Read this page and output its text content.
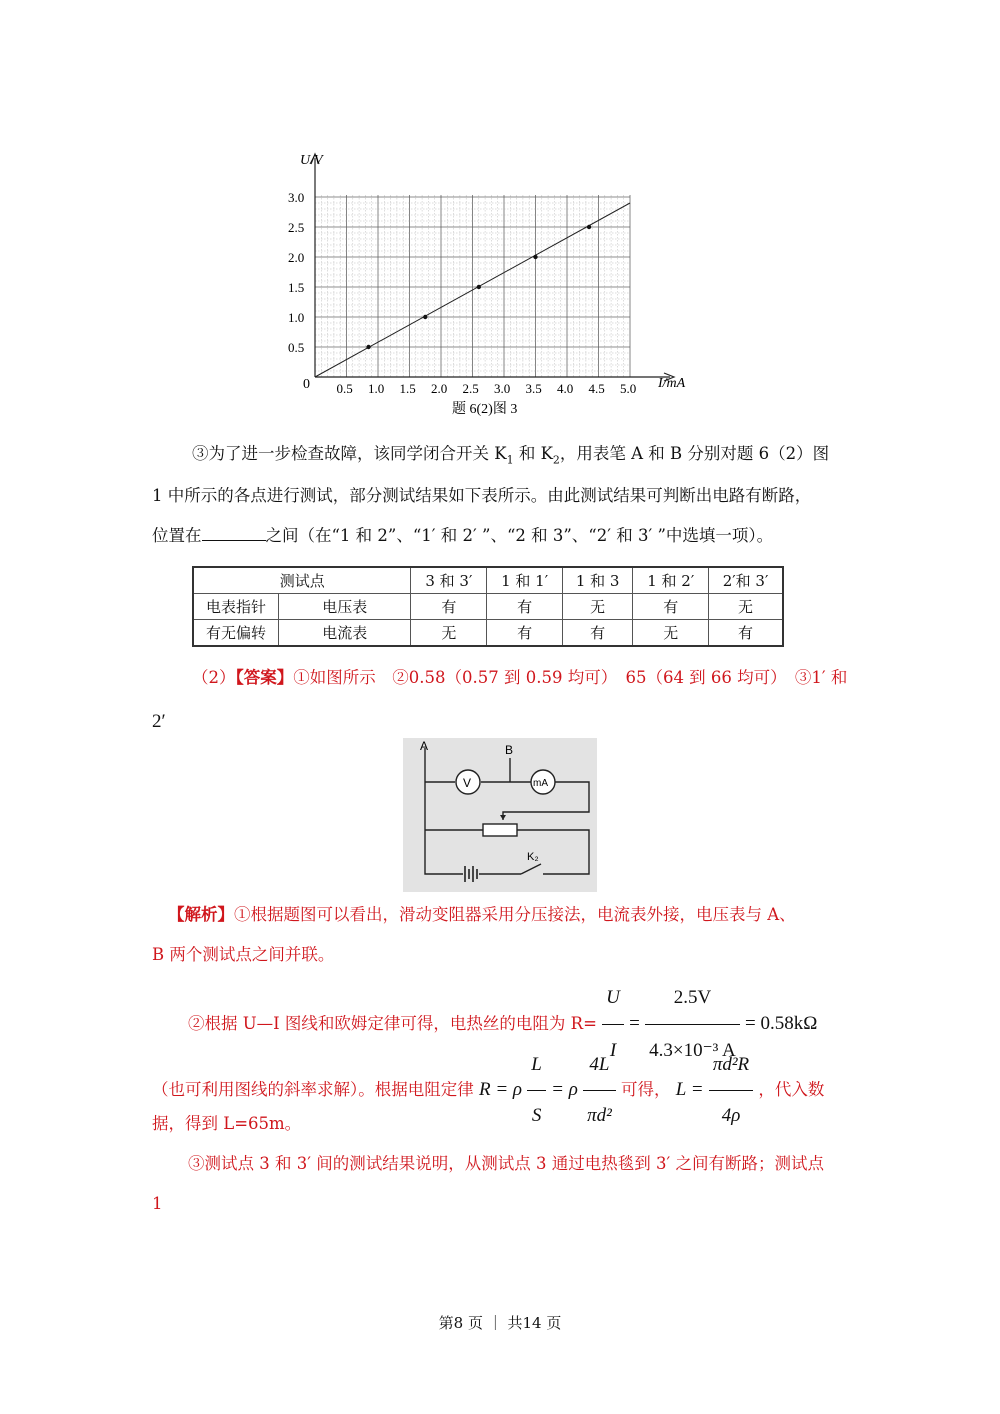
0.5
1.0
1.5
2.0
2.5
3.0
0.5 1.0 1.5 2.0 2.5 3.0 3.5 4.0 4.5 5.0
U/V
I/mA
0
题 6(2)图 3
③为了进一步检查故障，该同学闭合开关 $K_1$ 和 $K_2$，用表笔 A 和 B 分别对题 6（2）图
1 中所示的各点进行测试，部分测试结果如下表所示。由此测试结果可判断出电路有断路，
位置在	之间（在“1 和 2”、“1′ 和 2′ ”、“2 和 3”、“2′ 和 3′ ”中选填一项）。
测试点		3 和 3′	1 和 1′	1 和 3	1 和 2′	2′和 3′
电表指针	电压表	有	有	无	有	无
有无偏转	电流表	无	有	有	无	有
（2）【答案】①如图所示　②0.58（0.57 到 0.59 均可）　65（64 到 66 均可）　③1′ 和
2′
V	mA
K₂
A	B
【解析】①根据题图可以看出，滑动变阻器采用分压接法，电流表外接，电压表与 A、
B 两个测试点之间并联。
②根据 U—I 图线和欧姆定律可得，电热丝的电阻为 $R= \frac{U}{I} = \frac{2.5V}{\text{4.3×10⁻³ A}} = 0.58k\Omega$
（也可利用图线的斜率求解）。根据电阻定律 R = ρ $\frac{L}{S} = \rho \frac{4L}{\text{πd²}}$ 可得， $L = \frac{\text{πd²R}}{4\rho}$ ，代入数
据，得到 L=65m。
③测试点 3 和 3′ 间的测试结果说明，从测试点 3 通过电热毯到 3′ 之间有断路；测试点
1
第8 页 ｜ 共14 页
